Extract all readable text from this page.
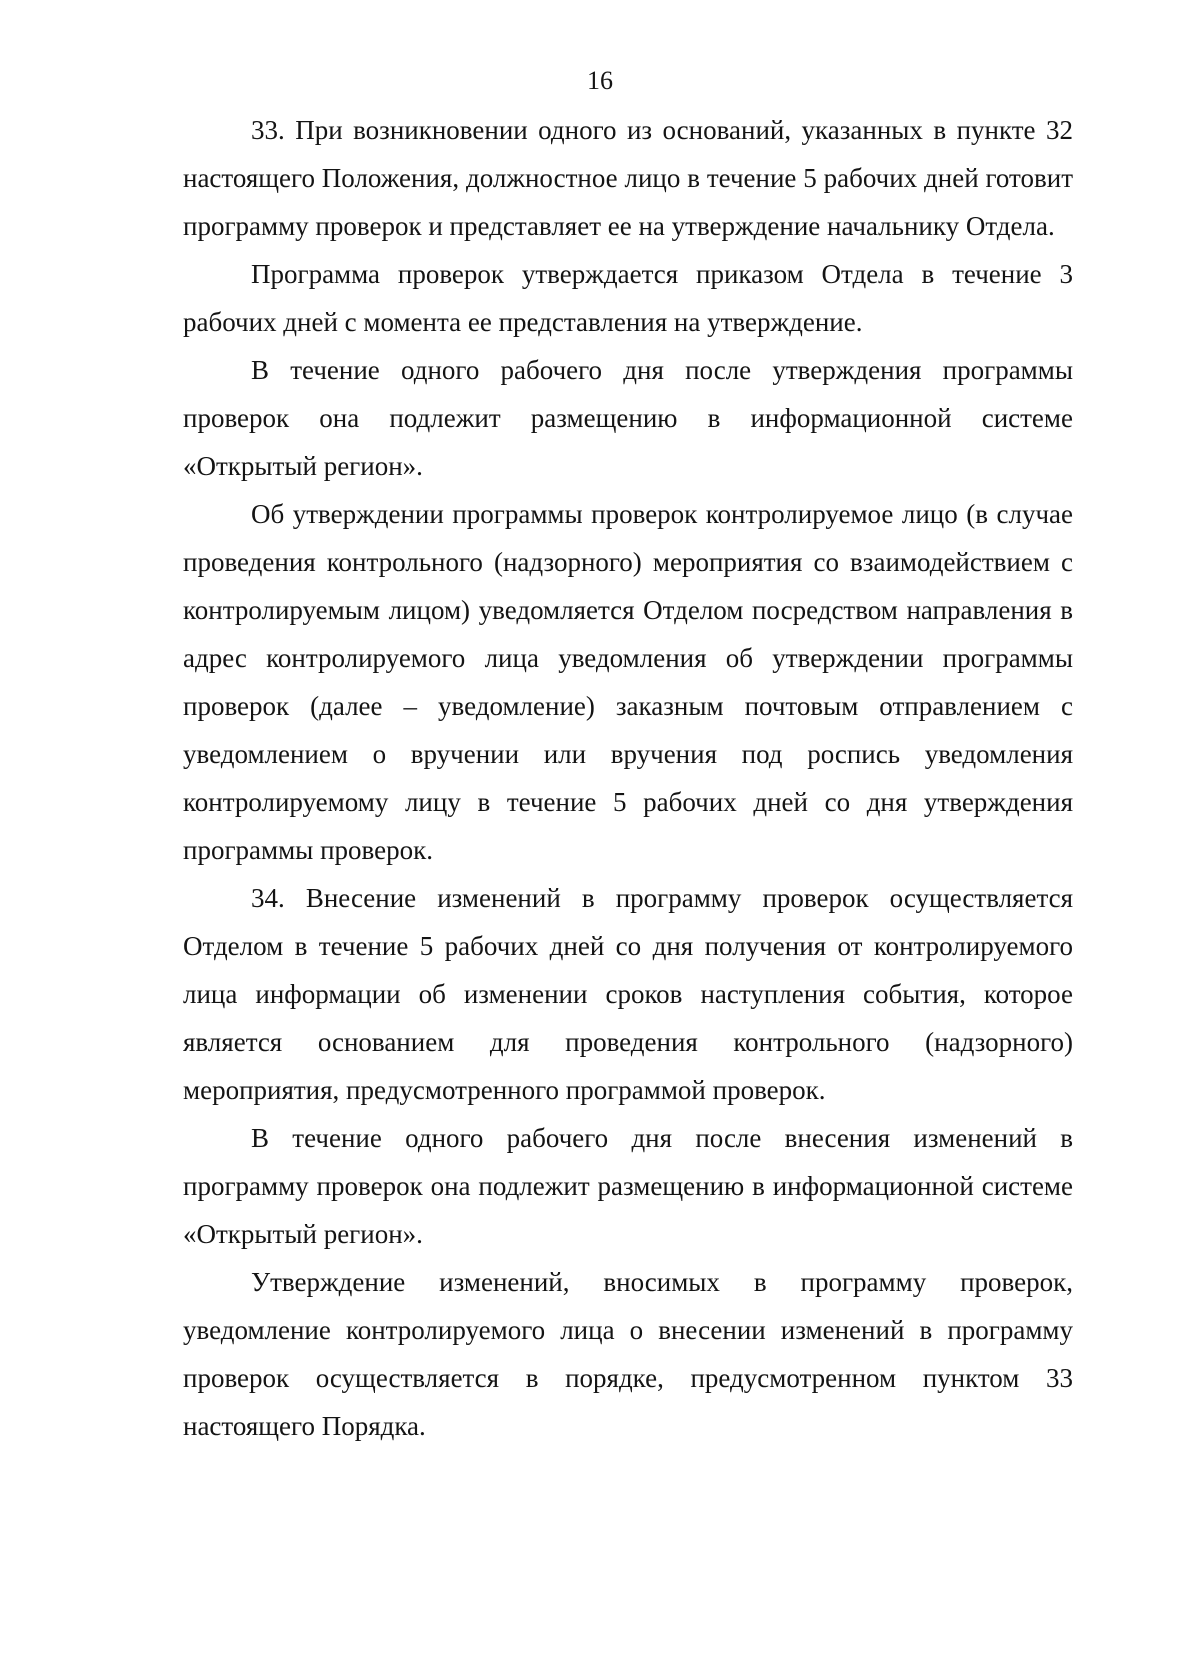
16

33. При возникновении одного из оснований, указанных в пункте 32 настоящего Положения, должностное лицо в течение 5 рабочих дней готовит программу проверок и представляет ее на утверждение начальнику Отдела.

Программа проверок утверждается приказом Отдела в течение 3 рабочих дней с момента ее представления на утверждение.

В течение одного рабочего дня после утверждения программы проверок она подлежит размещению в информационной системе «Открытый регион».

Об утверждении программы проверок контролируемое лицо (в случае проведения контрольного (надзорного) мероприятия со взаимодействием с контролируемым лицом) уведомляется Отделом посредством направления в адрес контролируемого лица уведомления об утверждении программы проверок (далее – уведомление) заказным почтовым отправлением с уведомлением о вручении или вручения под роспись уведомления контролируемому лицу в течение 5 рабочих дней со дня утверждения программы проверок.

34. Внесение изменений в программу проверок осуществляется Отделом в течение 5 рабочих дней со дня получения от контролируемого лица информации об изменении сроков наступления события, которое является основанием для проведения контрольного (надзорного) мероприятия, предусмотренного программой проверок.

В течение одного рабочего дня после внесения изменений в программу проверок она подлежит размещению в информационной системе «Открытый регион».

Утверждение изменений, вносимых в программу проверок, уведомление контролируемого лица о внесении изменений в программу проверок осуществляется в порядке, предусмотренном пунктом 33 настоящего Порядка.
